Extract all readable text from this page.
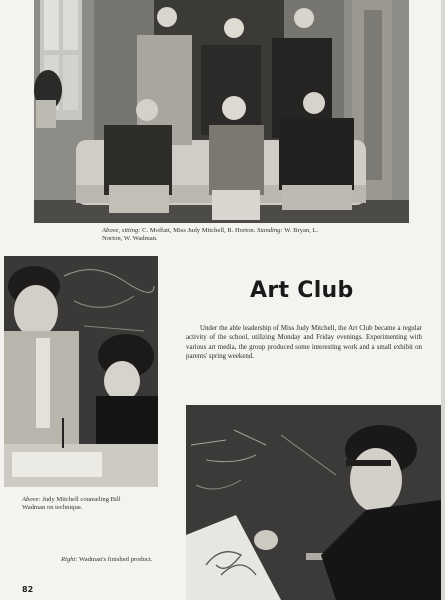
Above, sitting: C. Moffatt, Miss Judy Mitchell, R. Horton. Standing: W. Bryan, L. Norton, W. Wadman.

Above: Judy Mitchell counseling Bill Wadman on technique.

Art Club

Under the able leadership of Miss Judy Mitchell, the Art Club became a regular activity of the school, utilizing Monday and Friday evenings. Experimenting with various art media, the group produced some interesting work and a small exhibit on parents' spring weekend.

Right: Wadman's finished product.

82
